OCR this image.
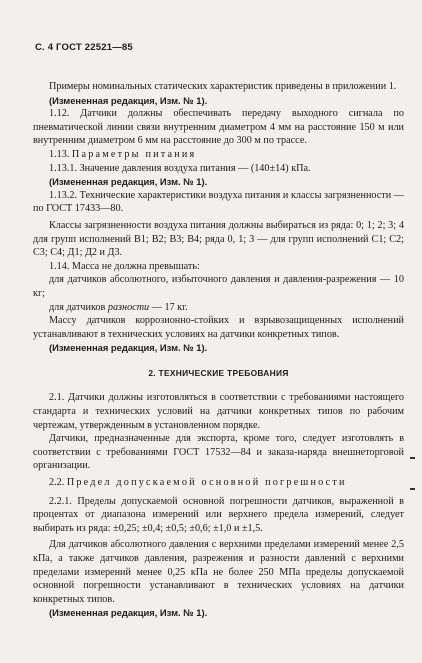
С. 4 ГОСТ 22521—85

Примеры номинальных статических характеристик приведены в приложении 1.

(Измененная редакция, Изм. № 1).

1.12. Датчики должны обеспечивать передачу выходного сигнала по пневматической линии связи внутренним диаметром 4 мм на расстояние 150 м или внутренним диаметром 6 мм на расстояние до 300 м по трассе.

1.13. Параметры питания

1.13.1. Значение давления воздуха питания — (140±14) кПа.

(Измененная редакция, Изм. № 1).

1.13.2. Технические характеристики воздуха питания и классы загрязненности — по ГОСТ 17433—80.

Классы загрязненности воздуха питания должны выбираться из ряда: 0; 1; 2; 3; 4 для групп исполнений В1; В2; В3; В4; ряда 0, 1; 3 — для групп исполнений С1; С2; С3; С4; Д1; Д2 и Д3.

1.14. Масса не должна превышать:

для датчиков абсолютного, избыточного давления и давления-разрежения — 10 кг;

для датчиков разности — 17 кг.

Массу датчиков коррозионно-стойких и взрывозащищенных исполнений устанавливают в технических условиях на датчики конкретных типов.

(Измененная редакция, Изм. № 1).

2. ТЕХНИЧЕСКИЕ ТРЕБОВАНИЯ

2.1. Датчики должны изготовляться в соответствии с требованиями настоящего стандарта и технических условий на датчики конкретных типов по рабочим чертежам, утвержденным в установленном порядке.

Датчики, предназначенные для экспорта, кроме того, следует изготовлять в соответствии с требованиями ГОСТ 17532—84 и заказа-наряда внешнеторговой организации.

2.2. Предел допускаемой основной погрешности

2.2.1. Пределы допускаемой основной погрешности датчиков, выраженной в процентах от диапазона измерений или верхнего предела измерений, следует выбирать из ряда: ±0,25; ±0,4; ±0,5; ±0,6; ±1,0 и ±1,5.

Для датчиков абсолютного давления с верхними пределами измерений менее 2,5 кПа, а также датчиков давления, разрежения и разности давлений с верхними пределами измерений менее 0,25 кПа не более 250 МПа пределы допускаемой основной погрешности устанавливают в технических условиях на датчики конкретных типов.

(Измененная редакция, Изм. № 1).
